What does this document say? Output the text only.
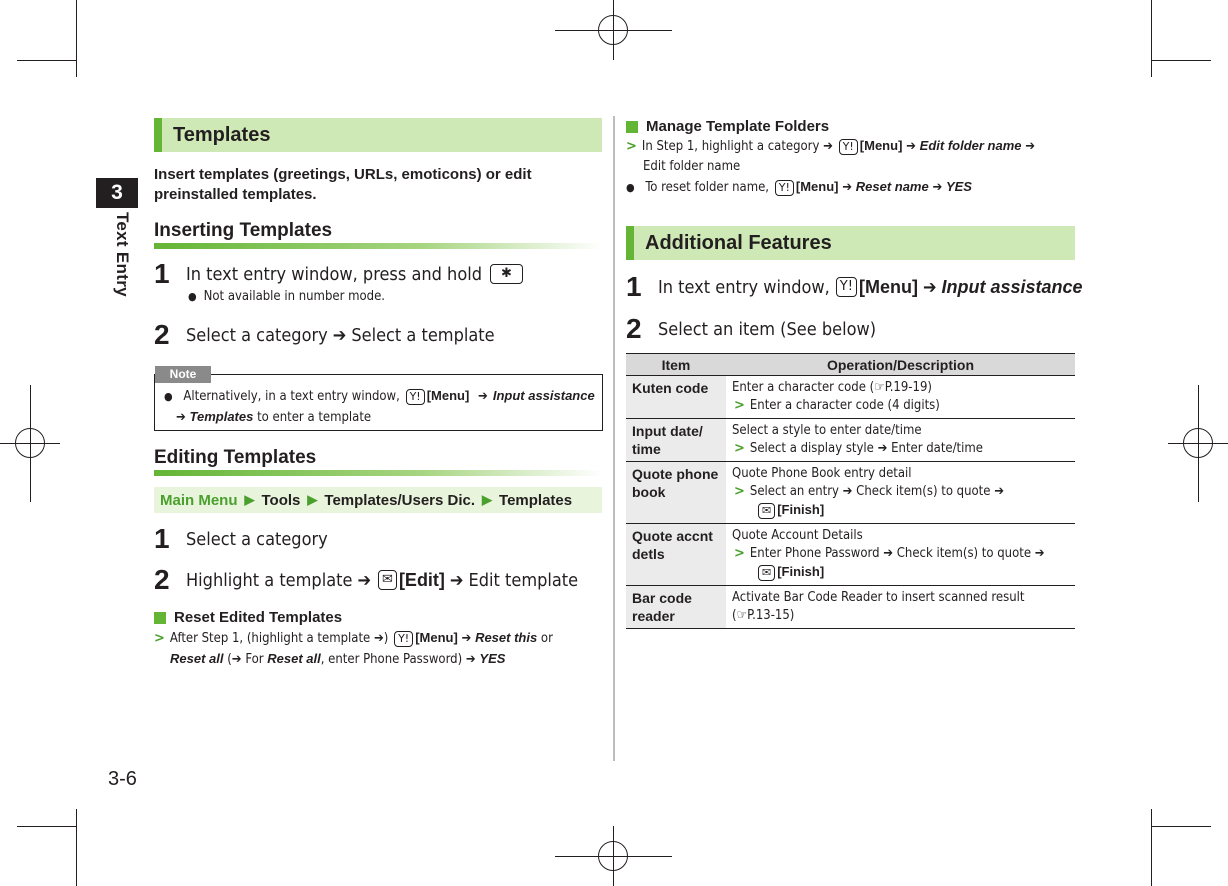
3
Text Entry
3-6
Templates
Insert templates (greetings, URLs, emoticons) or edit preinstalled templates.
Inserting Templates
1 In text entry window, press and hold	✱
● Not available in number mode.
2 Select a category ➔ Select a template
Note
● Alternatively, in a text entry window, Y! [Menu] ➔ Input assistance
➔ Templates to enter a template
Editing Templates
Main Menu ▶ Tools ▶ Templates/Users Dic. ▶ Templates
1 Select a category
2 Highlight a template ➔ ✉ [Edit] ➔ Edit template
Reset Edited Templates
> After Step 1, (highlight a template ➔) Y! [Menu] ➔ Reset this or
Reset all (➔ For Reset all, enter Phone Password) ➔ YES
Manage Template Folders
> In Step 1, highlight a category ➔ Y! [Menu] ➔ Edit folder name ➔
Edit folder name
● To reset folder name, Y! [Menu] ➔ Reset name ➔ YES
Additional Features
1 In text entry window, Y! [Menu] ➔ Input assistance
2 Select an item (See below)
Item	Operation/Description
Kuten code	Enter a character code (☞P.19-19)
> Enter a character code (4 digits)

Input date/ time	Select a style to enter date/time
> Select a display style ➔ Enter date/time

Quote phone book	Quote Phone Book entry detail
> Select an entry ➔ Check item(s) to quote ➔
✉ [Finish]

Quote accnt detls	Quote Account Details
> Enter Phone Password ➔ Check item(s) to quote ➔
✉ [Finish]

Bar code reader	Activate Bar Code Reader to insert scanned result
(☞P.13-15)
